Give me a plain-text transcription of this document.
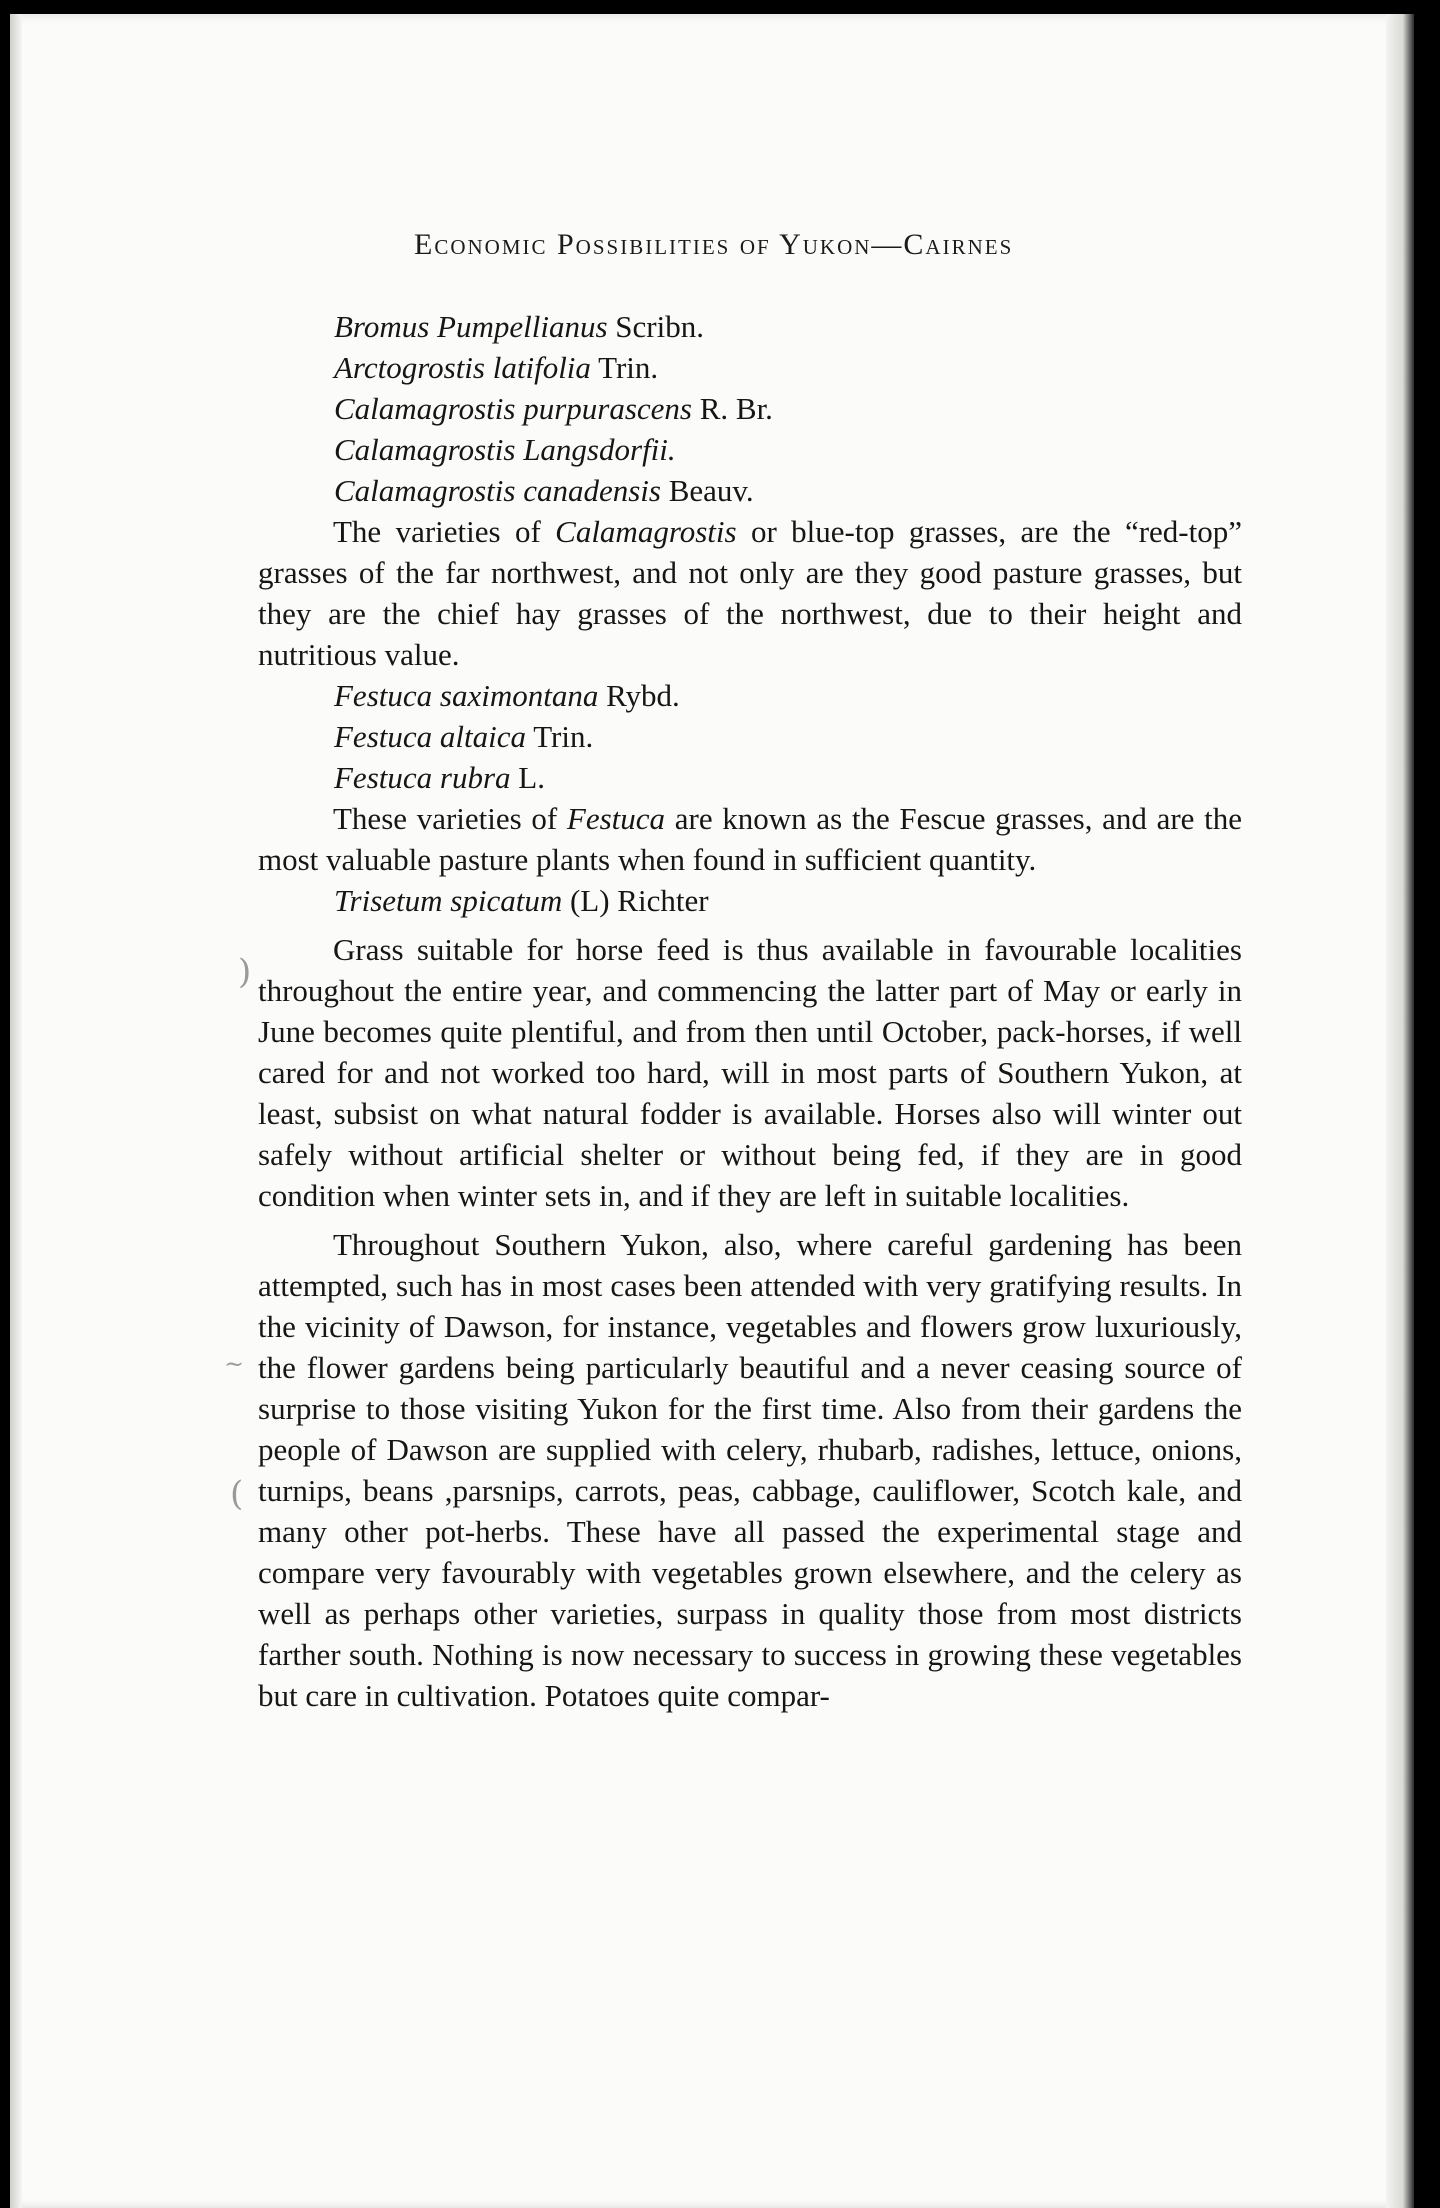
Economic Possibilities of Yukon—Cairnes

Bromus Pumpellianus Scribn.

Arctogrostis latifolia Trin.

Calamagrostis purpurascens R. Br.

Calamagrostis Langsdorfii.

Calamagrostis canadensis Beauv.

The varieties of Calamagrostis or blue-top grasses, are the “red-top” grasses of the far northwest, and not only are they good pasture grasses, but they are the chief hay grasses of the northwest, due to their height and nutritious value.

Festuca saximontana Rybd.

Festuca altaica Trin.

Festuca rubra L.

These varieties of Festuca are known as the Fescue grasses, and are the most valuable pasture plants when found in sufficient quantity.

Trisetum spicatum (L) Richter

Grass suitable for horse feed is thus available in favourable localities throughout the entire year, and commencing the latter part of May or early in June becomes quite plentiful, and from then until October, pack-horses, if well cared for and not worked too hard, will in most parts of Southern Yukon, at least, subsist on what natural fodder is available. Horses also will winter out safely without artificial shelter or without being fed, if they are in good condition when winter sets in, and if they are left in suitable localities.

Throughout Southern Yukon, also, where careful gardening has been attempted, such has in most cases been attended with very gratifying results. In the vicinity of Dawson, for instance, vegetables and flowers grow luxuriously, the flower gardens being particularly beautiful and a never ceasing source of surprise to those visiting Yukon for the first time. Also from their gardens the people of Dawson are supplied with celery, rhubarb, radishes, lettuce, onions, turnips, beans ,parsnips, carrots, peas, cabbage, cauliflower, Scotch kale, and many other pot-herbs. These have all passed the experimental stage and compare very favourably with vegetables grown elsewhere, and the celery as well as perhaps other varieties, surpass in quality those from most districts farther south. Nothing is now necessary to success in growing these vegetables but care in cultivation. Potatoes quite compar-

)
~
(
